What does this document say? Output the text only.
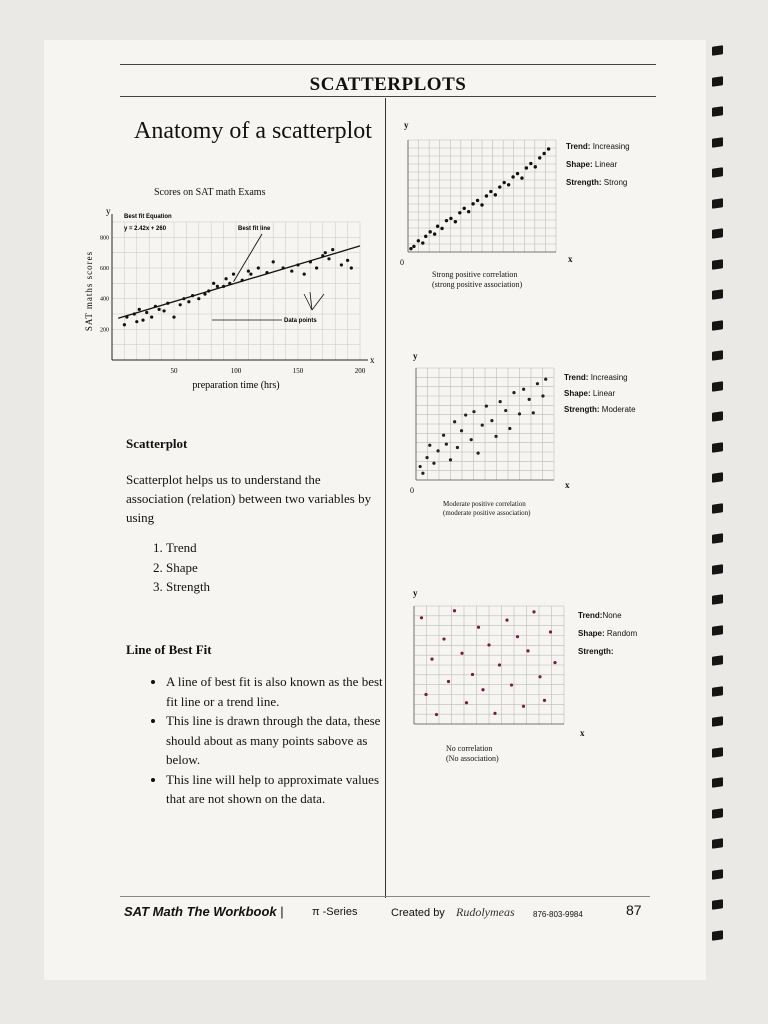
SCATTERPLOTS
Anatomy of a scatterplot
Scores on SAT math Exams
y
x
50	100	150	200
200
400
600
800
SAT maths scores
preparation time (hrs)
Best fit Equation
y = 2.42x + 260	Best fit line
Data points
Scatterplot
Scatterplot helps us to understand the association (relation) between two variables by using
1. Trend
2. Shape
3. Strength
Line of Best Fit
• A line of best fit is also known as the best fit line or a trend line.
• This line is drawn through the data, these should about as many points sabove as below.
• This line will help to approximate values that are not shown on the data.
y
x
0
Trend: Increasing
Shape: Linear
Strength: Strong
Strong positive correlation
(strong positive association)
y
x
0
Trend: Increasing
Shape: Linear
Strength: Moderate
Moderate positive correlation
(moderate positive association)
y
x
Trend:None
Shape: Random
Strength:
No correlation
(No association)
SAT Math The Workbook |	π -Series	Created by Rudolymeas 876-803-9984	87
